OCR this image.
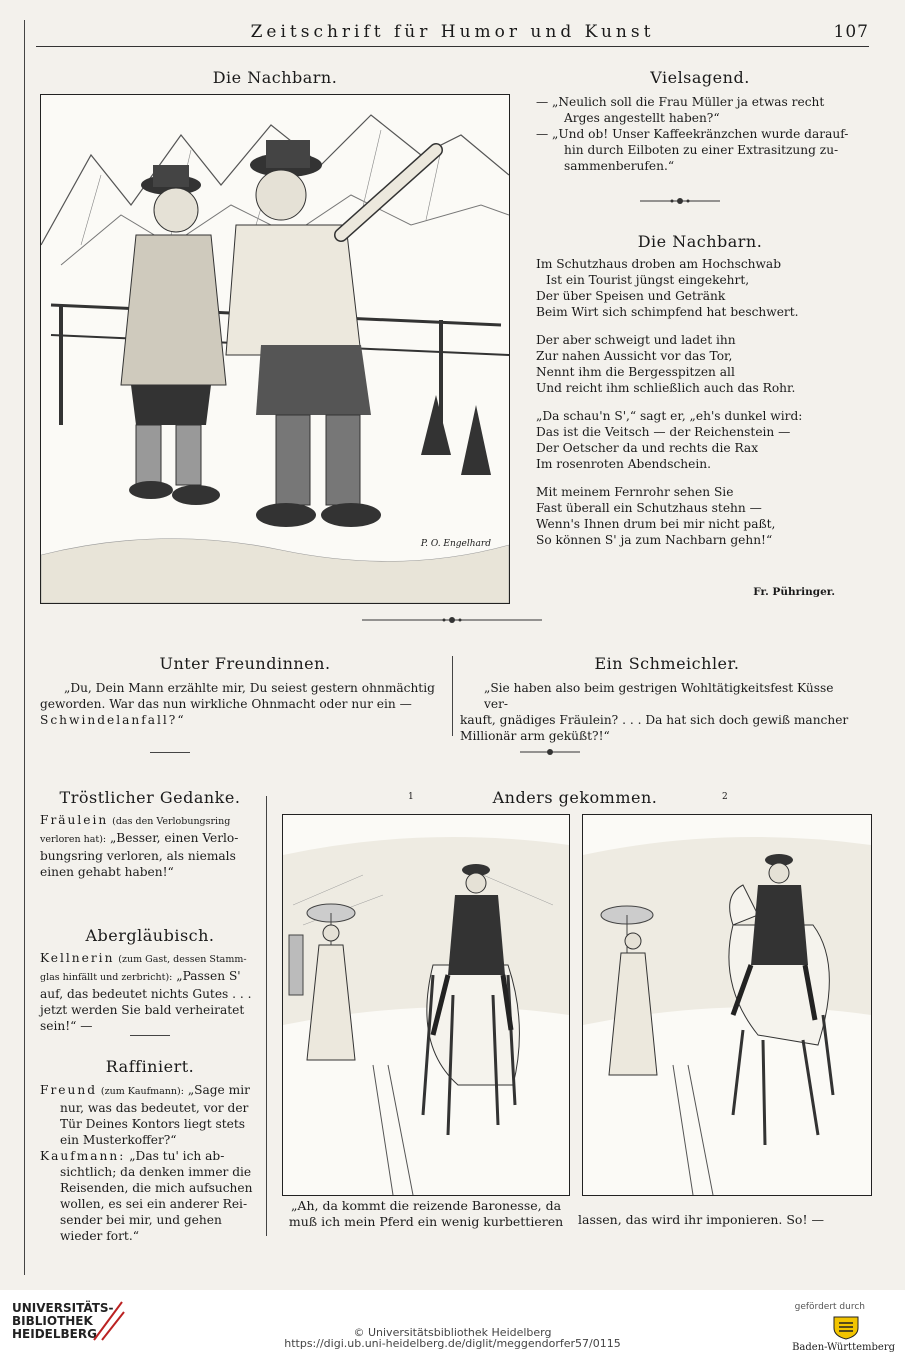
Zeitschrift für Humor und Kunst	107
Die Nachbarn.
P. O. Engelhard
Vielsagend.

— „Neulich soll die Frau Müller ja etwas recht

Arges angestellt haben?“

— „Und ob! Unser Kaffeekränzchen wurde darauf-

hin durch Eilboten zu einer Extrasitzung zu-

sammenberufen.“

Die Nachbarn.

Im Schutzhaus droben am Hochschwab

Ist ein Tourist jüngst eingekehrt,

Der über Speisen und Getränk

Beim Wirt sich schimpfend hat beschwert.

Der aber schweigt und ladet ihn

Zur nahen Aussicht vor das Tor,

Nennt ihm die Bergesspitzen all

Und reicht ihm schließlich auch das Rohr.

„Da schau'n S',“ sagt er, „eh's dunkel wird:

Das ist die Veitsch — der Reichenstein —

Der Oetscher da und rechts die Rax

Im rosenroten Abendschein.

Mit meinem Fernrohr sehen Sie

Fast überall ein Schutzhaus stehn —

Wenn's Ihnen drum bei mir nicht paßt,

So können S' ja zum Nachbarn gehn!“

Fr. Pühringer.
Unter Freundinnen.

„Du, Dein Mann erzählte mir, Du seiest gestern ohnmächtig

geworden. War das nun wirkliche Ohnmacht oder nur ein —

Schwindelanfall?“

Ein Schmeichler.

„Sie haben also beim gestrigen Wohltätigkeitsfest Küsse ver-

kauft, gnädiges Fräulein? . . . Da hat sich doch gewiß mancher

Millionär arm geküßt?!“

Tröstlicher Gedanke.

Fräulein (das den Verlobungsring

verloren hat): „Besser, einen Verlo-

bungsring verloren, als niemals

einen gehabt haben!“

Abergläubisch.

Kellnerin (zum Gast, dessen Stamm-

glas hinfällt und zerbricht): „Passen S'

auf, das bedeutet nichts Gutes . . .

jetzt werden Sie bald verheiratet

sein!“ —

Raffiniert.

Freund (zum Kaufmann): „Sage mir

nur, was das bedeutet, vor der

Tür Deines Kontors liegt stets

ein Musterkoffer?“

Kaufmann: „Das tu' ich ab-

sichtlich; da denken immer die

Reisenden, die mich aufsuchen

wollen, es sei ein anderer Rei-

sender bei mir, und gehen

wieder fort.“

Anders gekommen.
1	2

„Ah, da kommt die reizende Baronesse, da

muß ich mein Pferd ein wenig kurbettieren	lassen, das wird ihr imponieren. So! —
UNIVERSITÄTS-
BIBLIOTHEK
HEIDELBERG	© Universitätsbibliothek Heidelberg
https://digi.ub.uni-heidelberg.de/diglit/meggendorfer57/0115
gefördert durch
Baden-Württemberg
